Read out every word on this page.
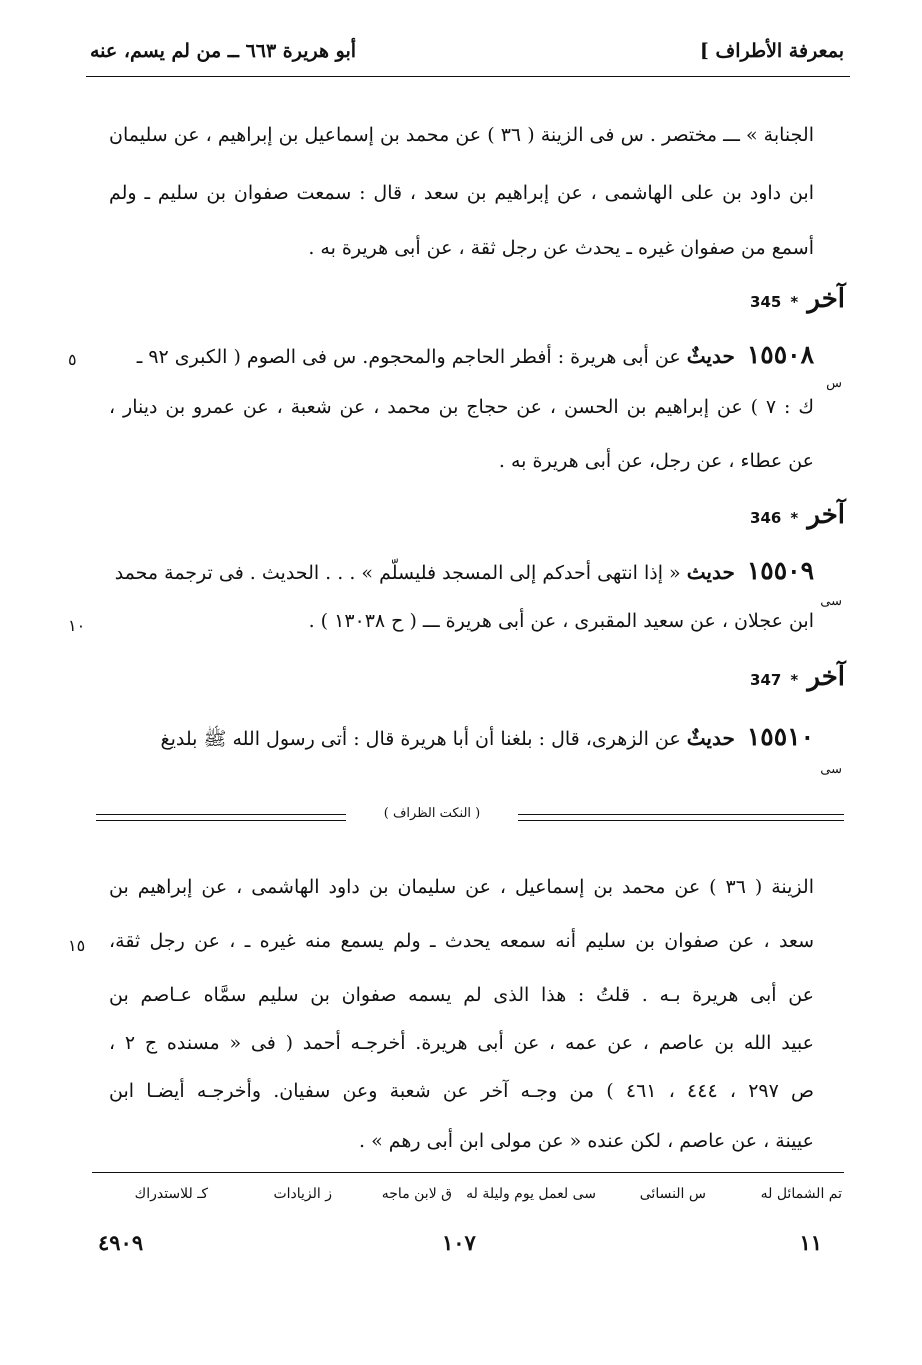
بمعرفة الأطراف ]
أبو هريرة ٦٦٣ ــ من لم يسم، عنه
الجنابة » ـــ مختصر . س فى الزينة ( ٣٦ ) عن محمد بن إسماعيل بن إبراهيم ، عن سليمان
ابن داود بن على الهاشمى ، عن إبراهيم بن سعد ، قال : سمعت صفوان بن سليم ـ ولم
أسمع من صفوان غيره ـ يحدث عن رجل ثقة ، عن أبى هريرة به .
آخر * 345
١٥٥٠٨ حديثٌ عن أبى هريرة : أفطر الحاجم والمحجوم. س فى الصوم ( الكبرى ٩٢ ـ
س
٥
ك : ٧ ) عن إبراهيم بن الحسن ، عن حجاج بن محمد ، عن شعبة ، عن عمرو بن دينار ،
عن عطاء ، عن رجل، عن أبى هريرة به .
آخر * 346
١٥٥٠٩ حديث « إذا انتهى أحدكم إلى المسجد فليسلّم » . . . الحديث . فى ترجمة محمد
سى
١٠	ابن عجلان ، عن سعيد المقبرى ، عن أبى هريرة ـــ ( ح ١٣٠٣٨ ) .
آخر * 347
١٥٥١٠ حديثٌ عن الزهرى، قال : بلغنا أن أبا هريرة قال : أتى رسول الله ﷺ بلديغ
سى
( النكت الظراف )
الزينة ( ٣٦ ) عن محمد بن إسماعيل ، عن سليمان بن داود الهاشمى ، عن إبراهيم بن
سعد ، عن صفوان بن سليم أنه سمعه يحدث ـ ولم يسمع منه غيره ـ ، عن رجل ثقة،
١٥
عن أبى هريرة بـه . قلتُ : هذا الذى لم يسمه صفوان بن سليم سمَّاه عـاصم بن
عبيد الله بن عاصم ، عن عمه ، عن أبى هريرة. أخرجـه أحمد ( فى « مسنده ج ٢ ،
ص ٢٩٧ ، ٤٤٤ ، ٤٦١ ) من وجـه آخر عن شعبة وعن سفيان. وأخرجـه أيضـا ابن
عيينة ، عن عاصم ، لكن عنده « عن مولى ابن أبى رهم » .
تم الشمائل له
س النسائى
سى لعمل يوم وليلة له
ق لابن ماجه
ز الزيادات
كـ للاستدراك
١١
١٠٧
٤٩٠٩
